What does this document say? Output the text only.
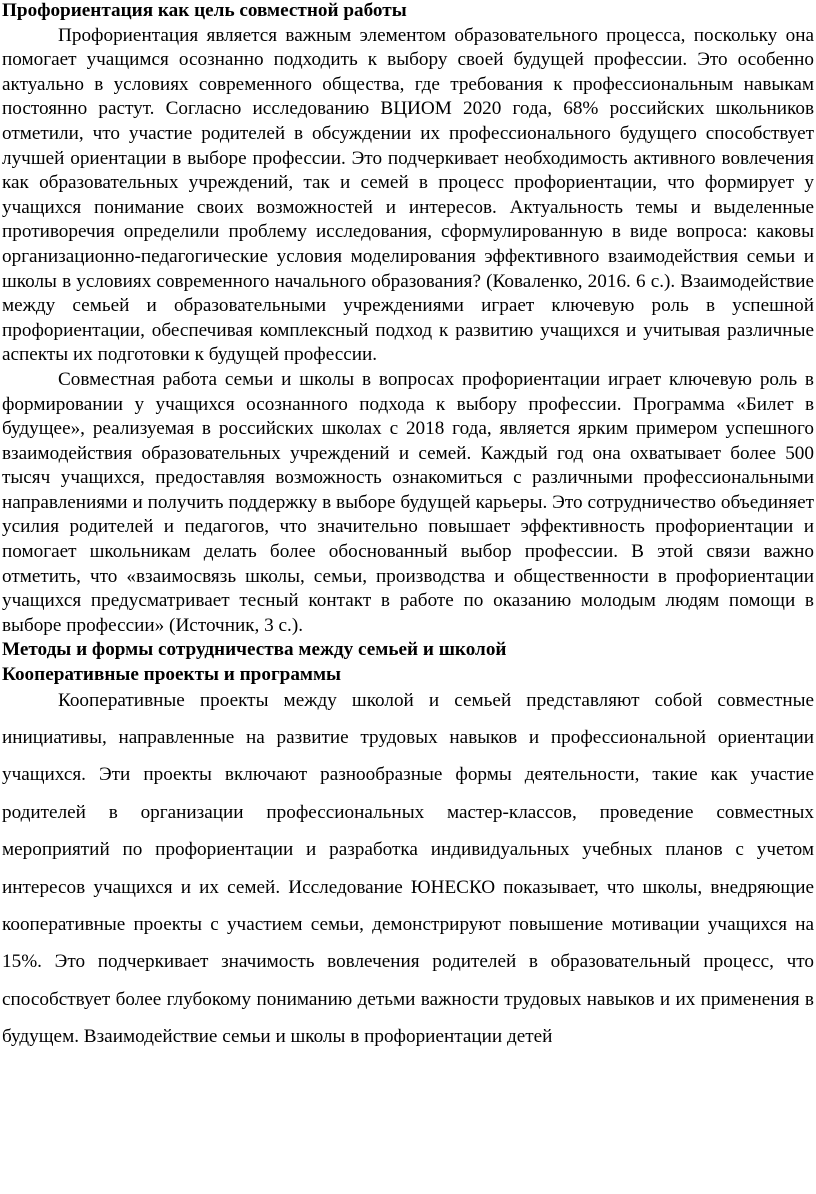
Профориентация как цель совместной работы

Профориентация является важным элементом образовательного процесса, поскольку она помогает учащимся осознанно подходить к выбору своей будущей профессии. Это особенно актуально в условиях современного общества, где требования к профессиональным навыкам постоянно растут. Согласно исследованию ВЦИОМ 2020 года, 68% российских школьников отметили, что участие родителей в обсуждении их профессионального будущего способствует лучшей ориентации в выборе профессии. Это подчеркивает необходимость активного вовлечения как образовательных учреждений, так и семей в процесс профориентации, что формирует у учащихся понимание своих возможностей и интересов. Актуальность темы и выделенные противоречия определили проблему исследования, сформулированную в виде вопроса: каковы организационно-педагогические условия моделирования эффективного взаимодействия семьи и школы в условиях современного начального образования? (Коваленко, 2016. 6 с.). Взаимодействие между семьей и образовательными учреждениями играет ключевую роль в успешной профориентации, обеспечивая комплексный подход к развитию учащихся и учитывая различные аспекты их подготовки к будущей профессии.

Совместная работа семьи и школы в вопросах профориентации играет ключевую роль в формировании у учащихся осознанного подхода к выбору профессии. Программа «Билет в будущее», реализуемая в российских школах с 2018 года, является ярким примером успешного взаимодействия образовательных учреждений и семей. Каждый год она охватывает более 500 тысяч учащихся, предоставляя возможность ознакомиться с различными профессиональными направлениями и получить поддержку в выборе будущей карьеры. Это сотрудничество объединяет усилия родителей и педагогов, что значительно повышает эффективность профориентации и помогает школьникам делать более обоснованный выбор профессии. В этой связи важно отметить, что «взаимосвязь школы, семьи, производства и общественности в профориентации учащихся предусматривает тесный контакт в работе по оказанию молодым людям помощи в выборе профессии» (Источник, 3 с.).

Методы и формы сотрудничества между семьей и школой

Кооперативные проекты и программы

Кооперативные проекты между школой и семьей представляют собой совместные инициативы, направленные на развитие трудовых навыков и профессиональной ориентации учащихся. Эти проекты включают разнообразные формы деятельности, такие как участие родителей в организации профессиональных мастер-классов, проведение совместных мероприятий по профориентации и разработка индивидуальных учебных планов с учетом интересов учащихся и их семей. Исследование ЮНЕСКО показывает, что школы, внедряющие кооперативные проекты с участием семьи, демонстрируют повышение мотивации учащихся на 15%. Это подчеркивает значимость вовлечения родителей в образовательный процесс, что способствует более глубокому пониманию детьми важности трудовых навыков и их применения в будущем. Взаимодействие семьи и школы в профориентации детей
